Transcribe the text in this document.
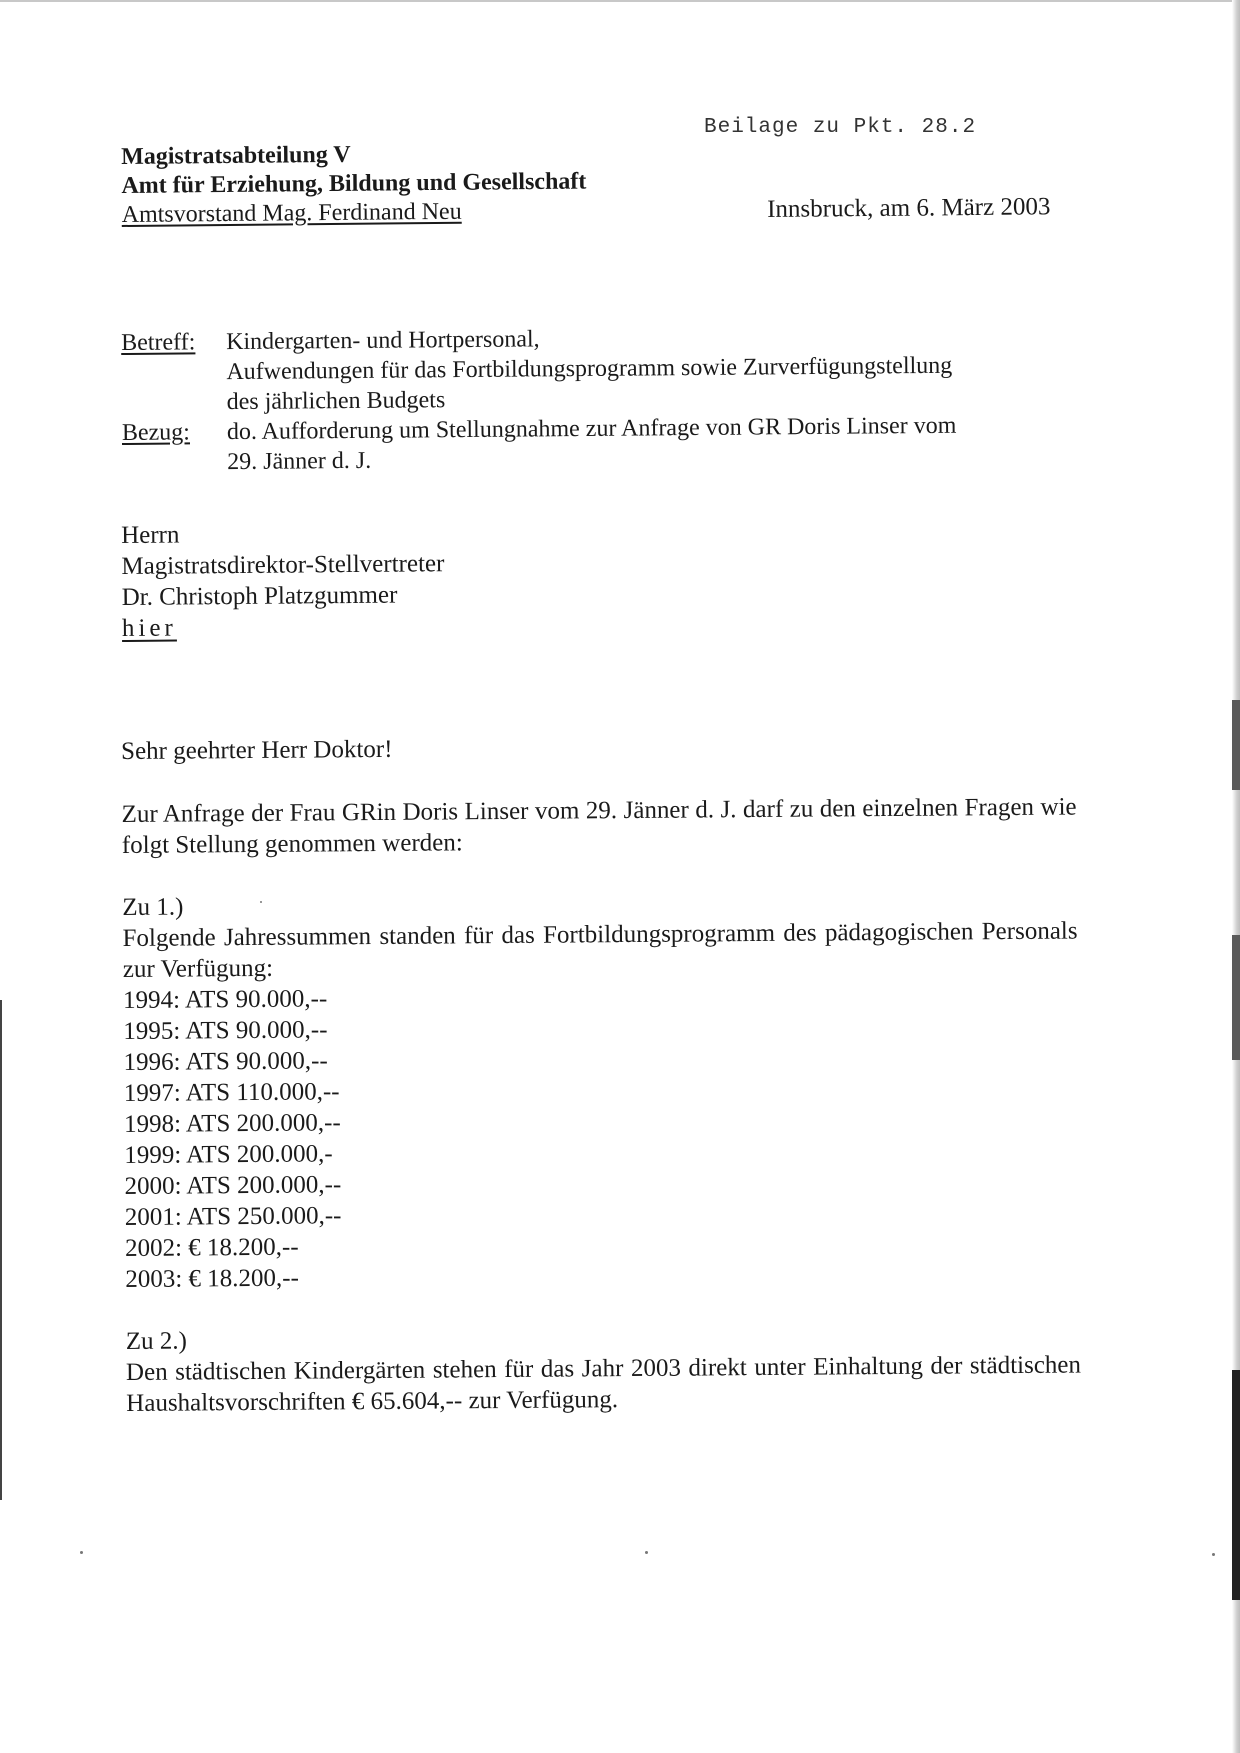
Beilage zu Pkt. 28.2
Magistratsabteilung V
Amt für Erziehung, Bildung und Gesellschaft
Amtsvorstand Mag. Ferdinand Neu	Innsbruck, am 6. März 2003
Betreff:	Kindergarten- und Hortpersonal,
Aufwendungen für das Fortbildungsprogramm sowie Zurverfügungstellung
des jährlichen Budgets
Bezug:	do. Aufforderung um Stellungnahme zur Anfrage von GR Doris Linser vom
29. Jänner d. J.
Herrn
Magistratsdirektor-Stellvertreter
Dr. Christoph Platzgummer
hier

Sehr geehrter Herr Doktor!

Zur Anfrage der Frau GRin Doris Linser vom 29. Jänner d. J. darf zu den einzelnen Fragen wie folgt Stellung genommen werden:

Zu 1.)

Folgende Jahressummen standen für das Fortbildungsprogramm des pädagogischen Personals zur Verfügung:

1994: ATS 90.000,--
1995: ATS 90.000,--
1996: ATS 90.000,--
1997: ATS 110.000,--
1998: ATS 200.000,--
1999: ATS 200.000,-
2000: ATS 200.000,--
2001: ATS 250.000,--
2002: € 18.200,--
2003: € 18.200,--

Zu 2.)

Den städtischen Kindergärten stehen für das Jahr 2003 direkt unter Einhaltung der städtischen Haushaltsvorschriften € 65.604,-- zur Verfügung.
